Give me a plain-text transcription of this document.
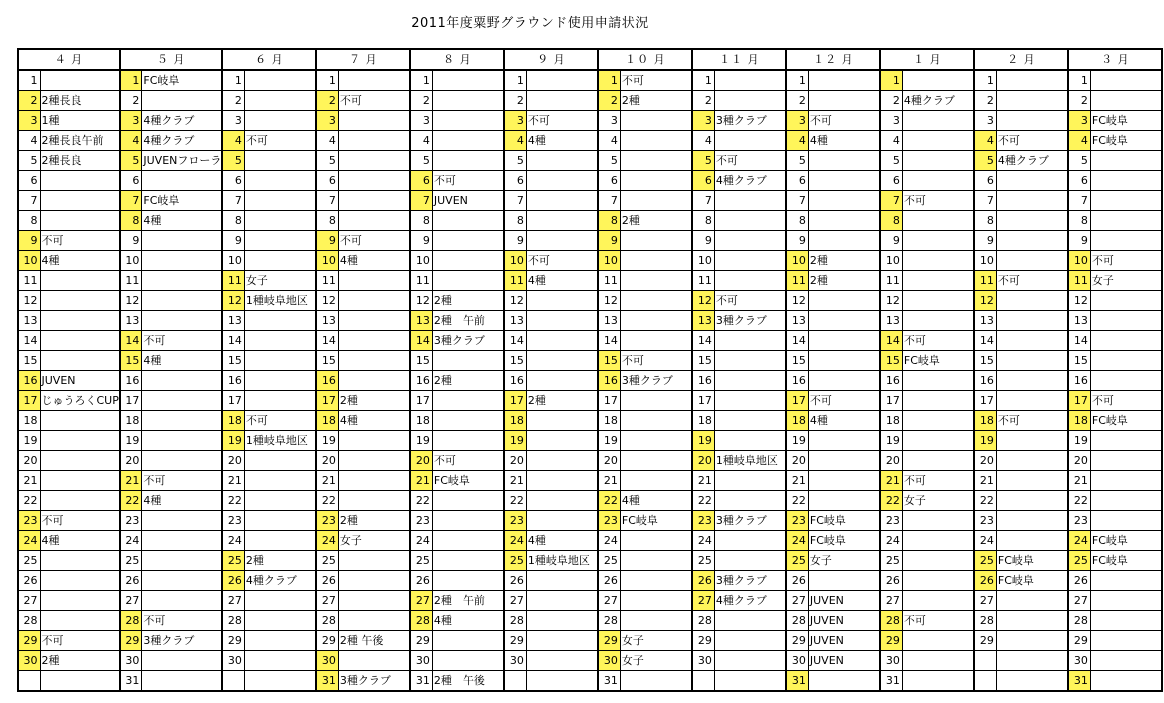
2011年度粟野グラウンド使用申請状況
４ 月		５ 月		６ 月		７ 月		８ 月		９ 月		１０ 月		１１ 月		１２ 月		１ 月		２ 月		３ 月	
1		1	FC岐阜	1		1		1		1		1	不可	1		1		1		1		1	
2	2種長良	2		2		2	不可	2		2		2	2種	2		2		2	4種クラブ	2		2	
3	1種	3	4種クラブ	3		3		3		3	不可	3		3	3種クラブ	3	不可	3		3		3	FC岐阜
4	2種長良午前	4	4種クラブ	4	不可	4		4		4	4種	4		4		4	4種	4		4	不可	4	FC岐阜
5	2種長良	5	JUVENフローラ	5		5		5		5		5		5	不可	5		5		5	4種クラブ	5	
6		6		6		6		6	不可	6		6		6	4種クラブ	6		6		6		6	
7		7	FC岐阜	7		7		7	JUVEN	7		7		7		7		7	不可	7		7	
8		8	4種	8		8		8		8		8	2種	8		8		8		8		8	
9	不可	9		9		9	不可	9		9		9		9		9		9		9		9	
10	4種	10		10		10	4種	10		10	不可	10		10		10	2種	10		10		10	不可
11		11		11	女子	11		11		11	4種	11		11		11	2種	11		11	不可	11	女子
12		12		12	1種岐阜地区	12		12	2種	12		12		12	不可	12		12		12		12	
13		13		13		13		13	2種　午前	13		13		13	3種クラブ	13		13		13		13	
14		14	不可	14		14		14	3種クラブ	14		14		14		14		14	不可	14		14	
15		15	4種	15		15		15		15		15	不可	15		15		15	FC岐阜	15		15	
16	JUVEN	16		16		16		16	2種	16		16	3種クラブ	16		16		16		16		16	
17	じゅうろくCUP	17		17		17	2種	17		17	2種	17		17		17	不可	17		17		17	不可
18		18		18	不可	18	4種	18		18		18		18		18	4種	18		18	不可	18	FC岐阜
19		19		19	1種岐阜地区	19		19		19		19		19		19		19		19		19	
20		20		20		20		20	不可	20		20		20	1種岐阜地区	20		20		20		20	
21		21	不可	21		21		21	FC岐阜	21		21		21		21		21	不可	21		21	
22		22	4種	22		22		22		22		22	4種	22		22		22	女子	22		22	
23	不可	23		23		23	2種	23		23		23	FC岐阜	23	3種クラブ	23	FC岐阜	23		23		23	
24	4種	24		24		24	女子	24		24	4種	24		24		24	FC岐阜	24		24		24	FC岐阜
25		25		25	2種	25		25		25	1種岐阜地区	25		25		25	女子	25		25	FC岐阜	25	FC岐阜
26		26		26	4種クラブ	26		26		26		26		26	3種クラブ	26		26		26	FC岐阜	26	
27		27		27		27		27	2種　午前	27		27		27	4種クラブ	27	JUVEN	27		27		27	
28		28	不可	28		28		28	4種	28		28		28		28	JUVEN	28	不可	28		28	
29	不可	29	3種クラブ	29		29	2種 午後	29		29		29	女子	29		29	JUVEN	29		29		29	
30	2種	30		30		30		30		30		30	女子	30		30	JUVEN	30				30	
		31				31	3種クラブ	31	2種　午後			31				31		31				31	
